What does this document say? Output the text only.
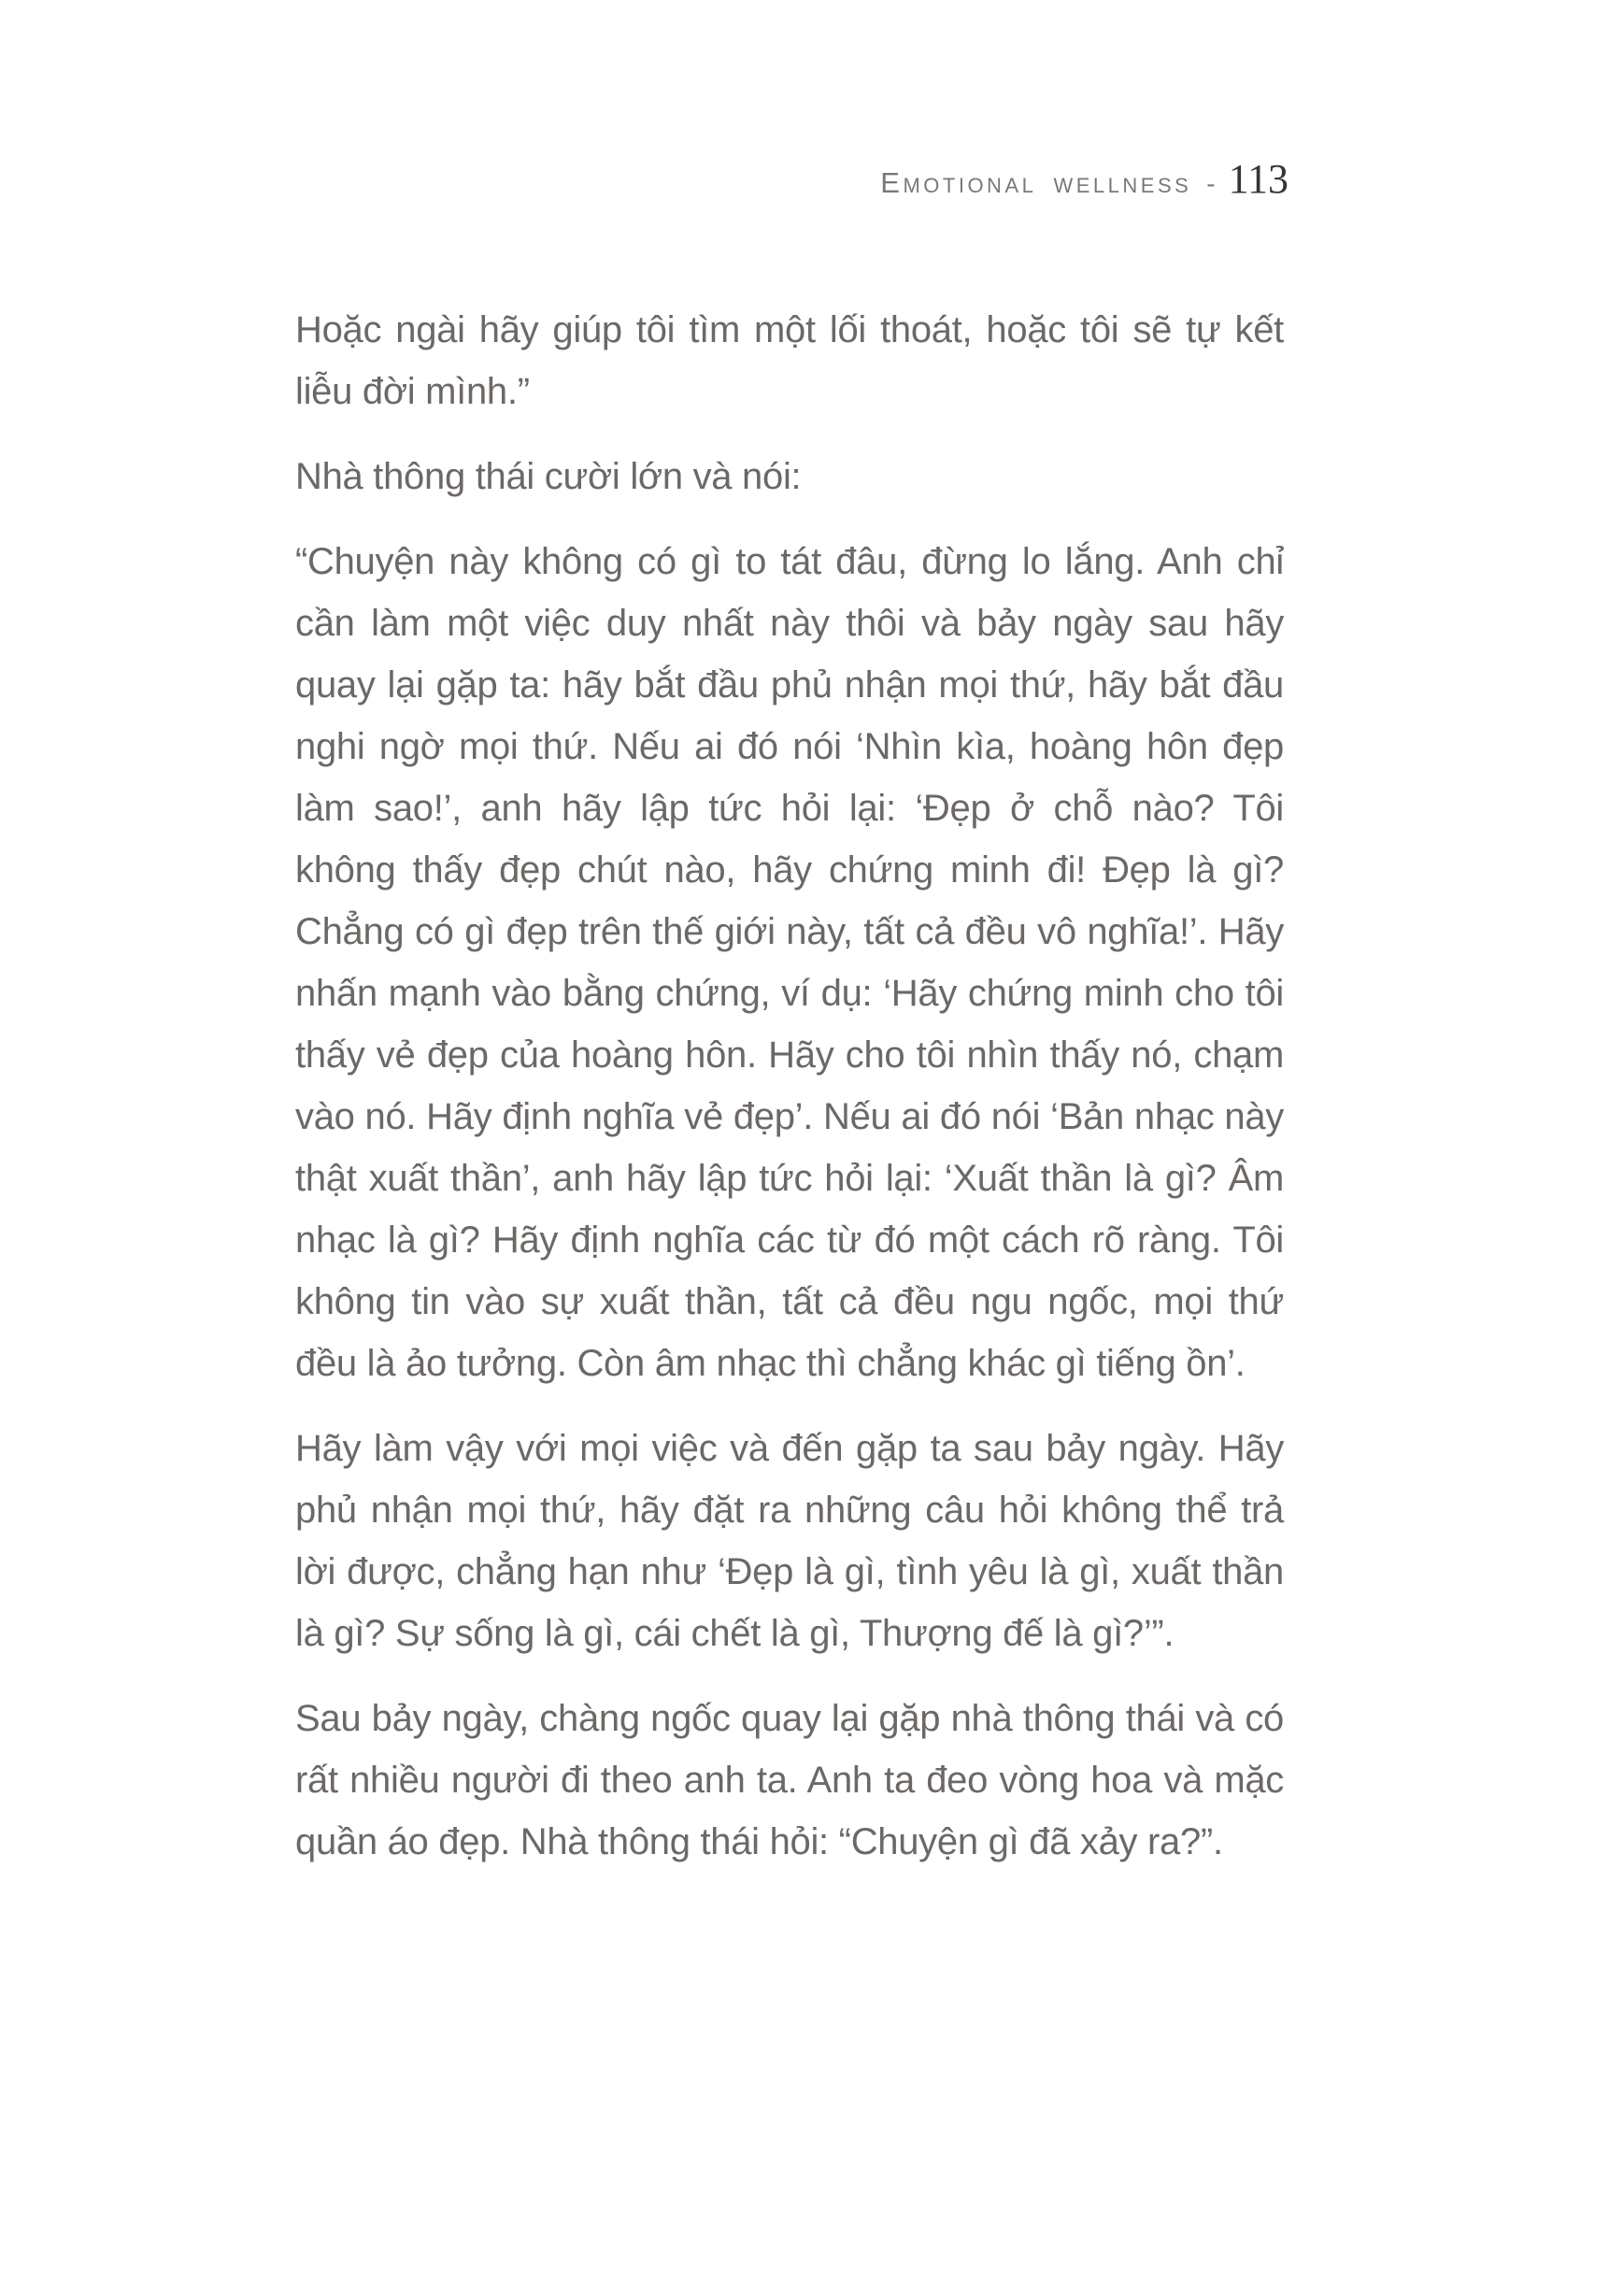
Emotional wellness - 113

Hoặc ngài hãy giúp tôi tìm một lối thoát, hoặc tôi sẽ tự kết liễu đời mình.”

Nhà thông thái cười lớn và nói:

“Chuyện này không có gì to tát đâu, đừng lo lắng. Anh chỉ cần làm một việc duy nhất này thôi và bảy ngày sau hãy quay lại gặp ta: hãy bắt đầu phủ nhận mọi thứ, hãy bắt đầu nghi ngờ mọi thứ. Nếu ai đó nói ‘Nhìn kìa, hoàng hôn đẹp làm sao!’, anh hãy lập tức hỏi lại: ‘Đẹp ở chỗ nào? Tôi không thấy đẹp chút nào, hãy chứng minh đi! Đẹp là gì? Chẳng có gì đẹp trên thế giới này, tất cả đều vô nghĩa!’. Hãy nhấn mạnh vào bằng chứng, ví dụ: ‘Hãy chứng minh cho tôi thấy vẻ đẹp của hoàng hôn. Hãy cho tôi nhìn thấy nó, chạm vào nó. Hãy định nghĩa vẻ đẹp’. Nếu ai đó nói ‘Bản nhạc này thật xuất thần’, anh hãy lập tức hỏi lại: ‘Xuất thần là gì? Âm nhạc là gì? Hãy định nghĩa các từ đó một cách rõ ràng. Tôi không tin vào sự xuất thần, tất cả đều ngu ngốc, mọi thứ đều là ảo tưởng. Còn âm nhạc thì chẳng khác gì tiếng ồn’.

Hãy làm vậy với mọi việc và đến gặp ta sau bảy ngày. Hãy phủ nhận mọi thứ, hãy đặt ra những câu hỏi không thể trả lời được, chẳng hạn như ‘Đẹp là gì, tình yêu là gì, xuất thần là gì? Sự sống là gì, cái chết là gì, Thượng đế là gì?’”.

Sau bảy ngày, chàng ngốc quay lại gặp nhà thông thái và có rất nhiều người đi theo anh ta. Anh ta đeo vòng hoa và mặc quần áo đẹp. Nhà thông thái hỏi: “Chuyện gì đã xảy ra?”.
